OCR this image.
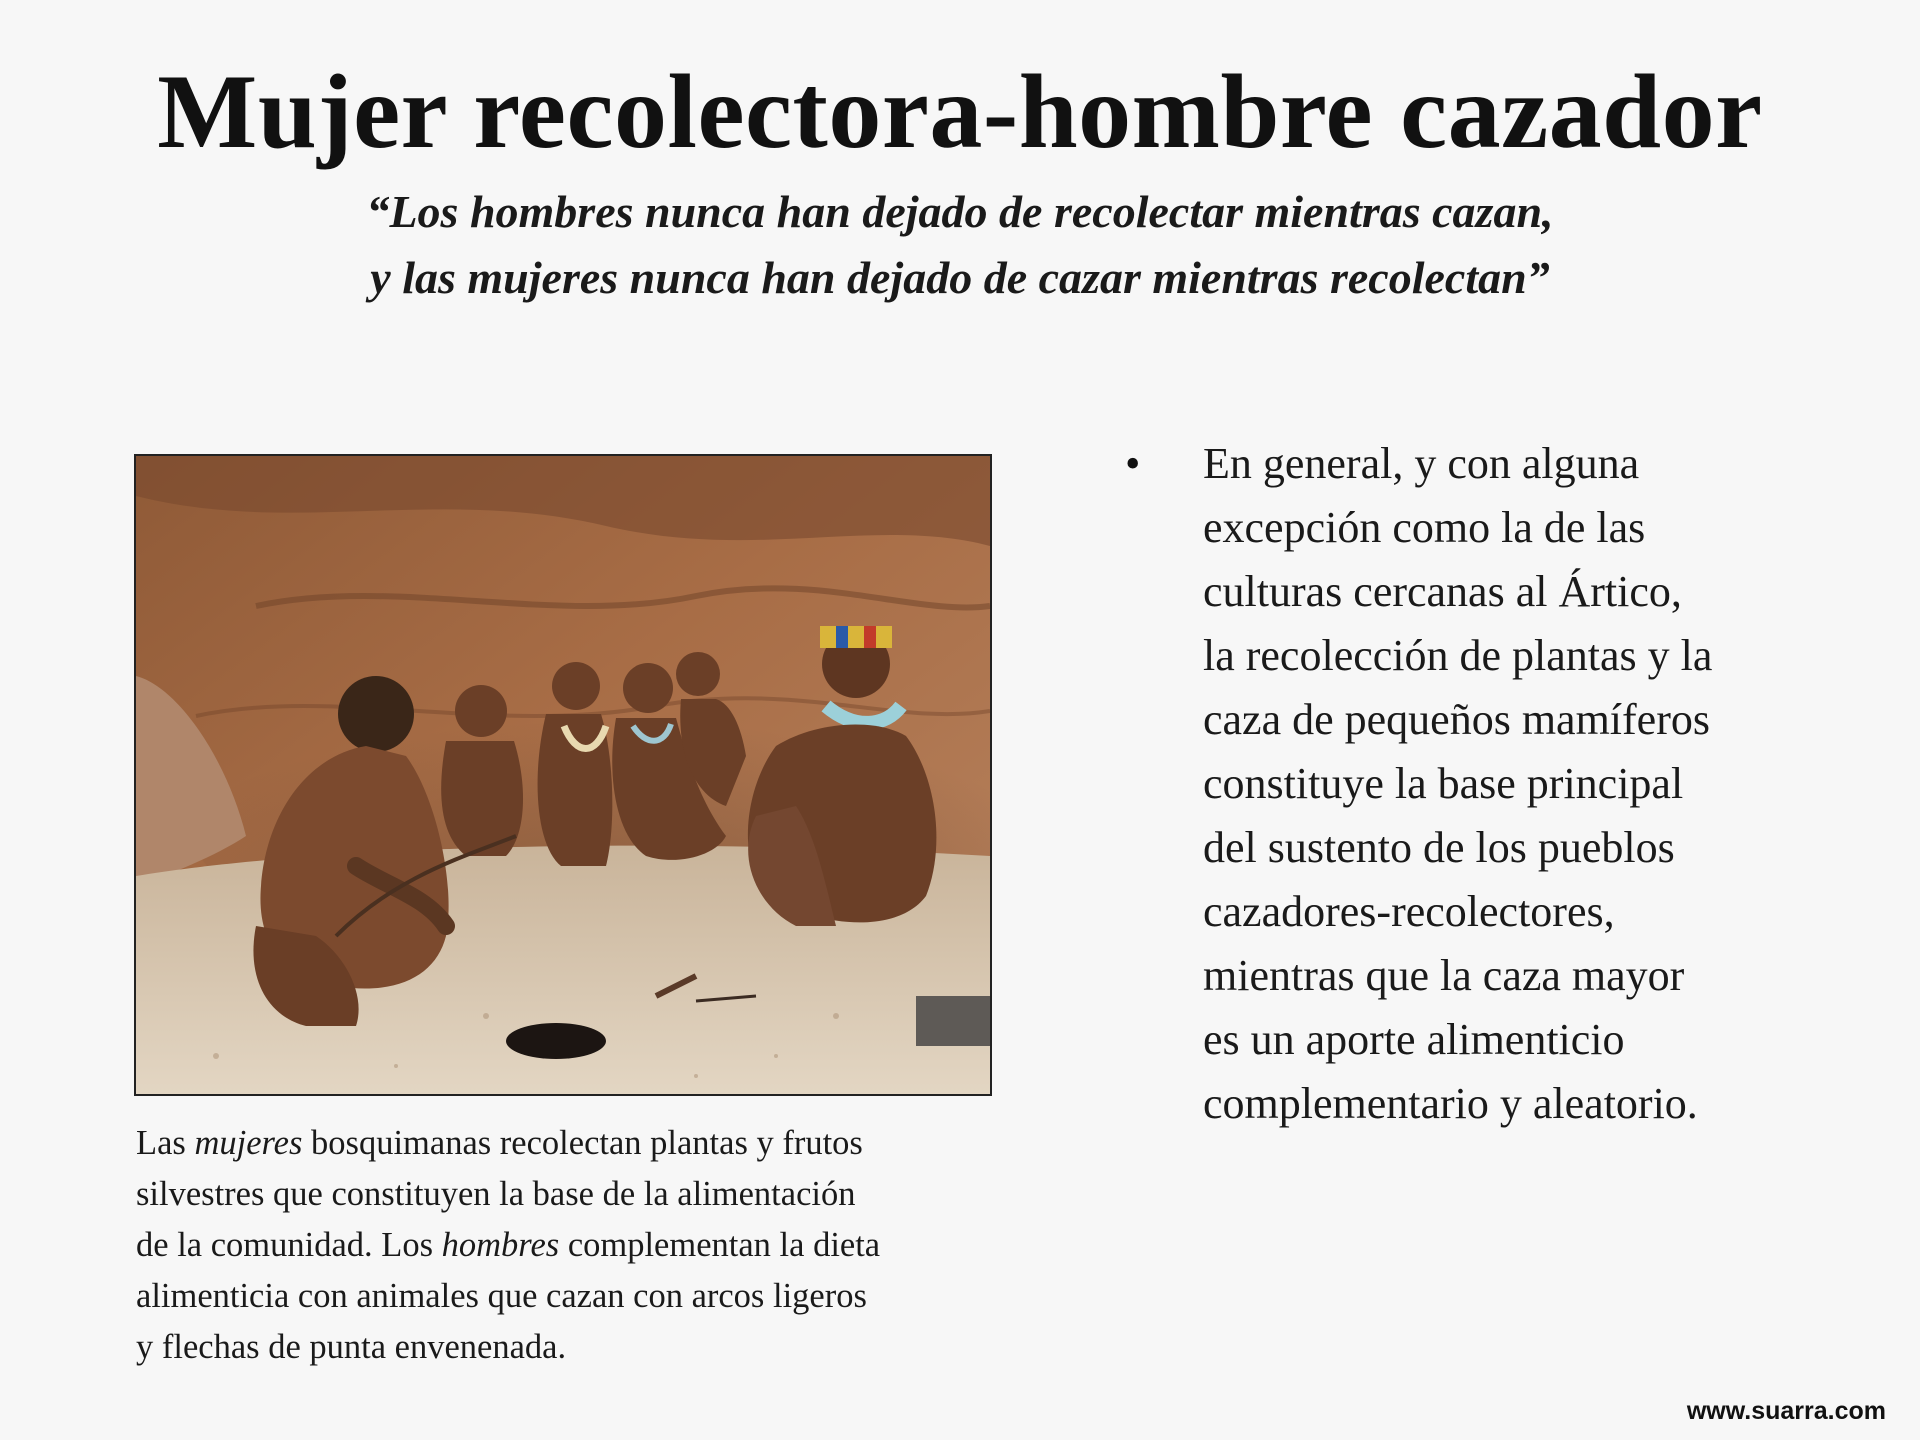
Mujer recolectora-hombre cazador
“Los hombres nunca han dejado de recolectar mientras cazan,
y las mujeres nunca han dejado de cazar mientras recolectan”

Las mujeres bosquimanas recolectan plantas y frutos

silvestres que constituyen la base de la alimentación

de la comunidad. Los hombres complementan la dieta

alimenticia con animales que cazan con arcos ligeros

y flechas de punta envenenada.

• En general, y con alguna
excepción como la de las
culturas cercanas al Ártico,
la recolección de plantas y la
caza de pequeños mamíferos
constituye la base principal
del sustento de los pueblos
cazadores-recolectores,
mientras que la caza mayor
es un aporte alimenticio
complementario y aleatorio.
www.suarra.com
